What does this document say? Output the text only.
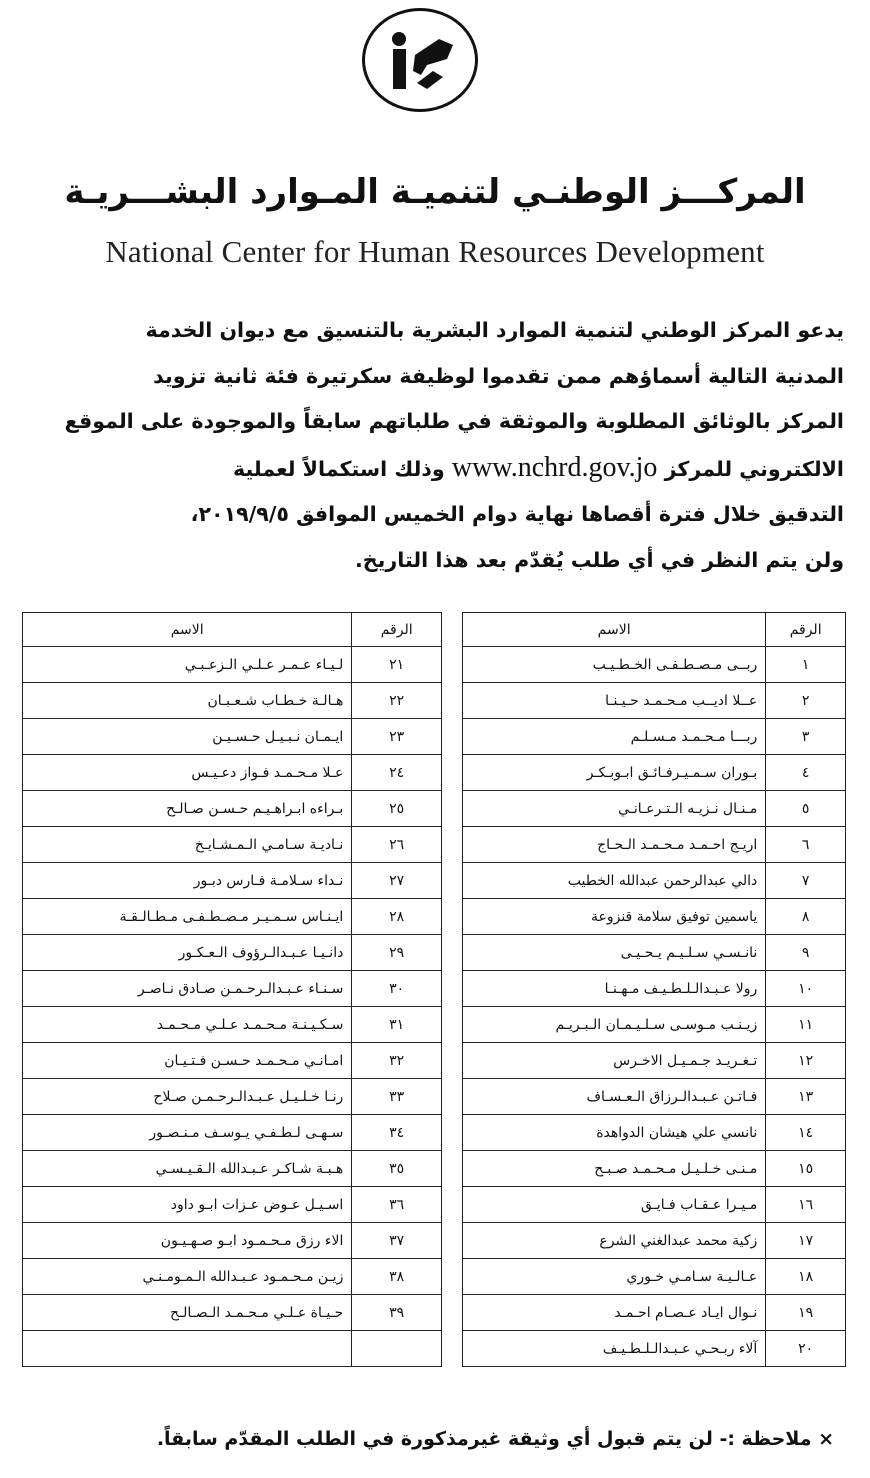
المركـــز الوطنـي لتنميـة المـوارد البشـــريـة
National Center for Human Resources Development
يدعو المركز الوطني لتنمية الموارد البشرية بالتنسيق مع ديوان الخدمة
المدنية التالية أسماؤهم ممن تقدموا لوظيفة سكرتيرة فئة ثانية تزويد
المركز بالوثائق المطلوبة والموثقة في طلباتهم سابقاً والموجودة على الموقع
الالكتروني للمركز www.nchrd.gov.jo وذلك استكمالاً لعملية
التدقيق خلال فترة أقصاها نهاية دوام الخميس الموافق ٢٠١٩/٩/٥،
ولن يتم النظر في أي طلب يُقدّم بعد هذا التاريخ.
الرقم	الاسم
١	ربــى مـصـطـفـى الخـطـيـب
٢	عــلا اديــب مـحـمـد حـيـنـا
٣	ربـــا مـحـمـد مـسـلـم
٤	بـوران سـمـيـرفـائـق ابـوبـكـر
٥	مـنـال نـزيـه الـتـرعـانـي
٦	اريـج احـمـد مـحـمـد الـحـاج
٧	دالي عبدالرحمن عبدالله الخطيب
٨	ياسمين توفيق سلامة قنزوعة
٩	نانـسـي سـلـيـم يـحـيـى
١٠	رولا عـبـدالـلـطـيـف مـهـنـا
١١	زيـنـب مـوسـى سـلـيـمـان الـبـريـم
١٢	تـغـريـد جـمـيـل الاخـرس
١٣	فـاتـن عـبـدالـرزاق الـعـسـاف
١٤	نانسي علي هيشان الدواهدة
١٥	مـنـى خـلـيـل مـحـمـد صـبـح
١٦	مـيـرا عـقـاب فـايـق
١٧	زكية محمد عبدالغني الشرع
١٨	عـالـيـة سـامـي خـوري
١٩	نـوال ايـاد عـصـام احـمـد
٢٠	آلاء ربـحـي عـبـدالـلـطـيـف
الرقم	الاسم
٢١	لـيـاء عـمـر عـلـي الـزعـبـي
٢٢	هـالـة خـطـاب شـعـبـان
٢٣	ايـمـان نـبـيـل حـسـيـن
٢٤	عـلا مـحـمـد فـواز دعـيـس
٢٥	بـراءه ابـراهـيـم حـسـن صـالـح
٢٦	نـاديـة سـامـي الـمـشـايـخ
٢٧	نـداء سـلامـة فـارس دبـور
٢٨	ايـنـاس سـمـيـر مـصـطـفـى مـطـالـقـة
٢٩	دانـيـا عـبـدالـرؤوف الـعـكـور
٣٠	سـنـاء عـبـدالـرحـمـن صـادق نـاصـر
٣١	سـكـيـنـة مـحـمـد عـلـي مـحـمـد
٣٢	امـانـي مـحـمـد حـسـن فـتـيـان
٣٣	رنـا خـلـيـل عـبـدالـرحـمـن صـلاح
٣٤	سـهـى لـطـفـي يـوسـف مـنـصـور
٣٥	هـبـة شـاكـر عـبـدالله الـقـيـسـي
٣٦	اسـيـل عـوض عـزات ابـو داود
٣٧	الاء رزق مـحـمـود ابـو صـهـيـون
٣٨	زيـن مـحـمـود عـبـدالله الـمـومـنـي
٣٩	حـيـاة عـلـي مـحـمـد الـصـالـح

× ملاحظة :- لن يتم قبول أي وثيقة غيرمذكورة في الطلب المقدّم سابقاً.
